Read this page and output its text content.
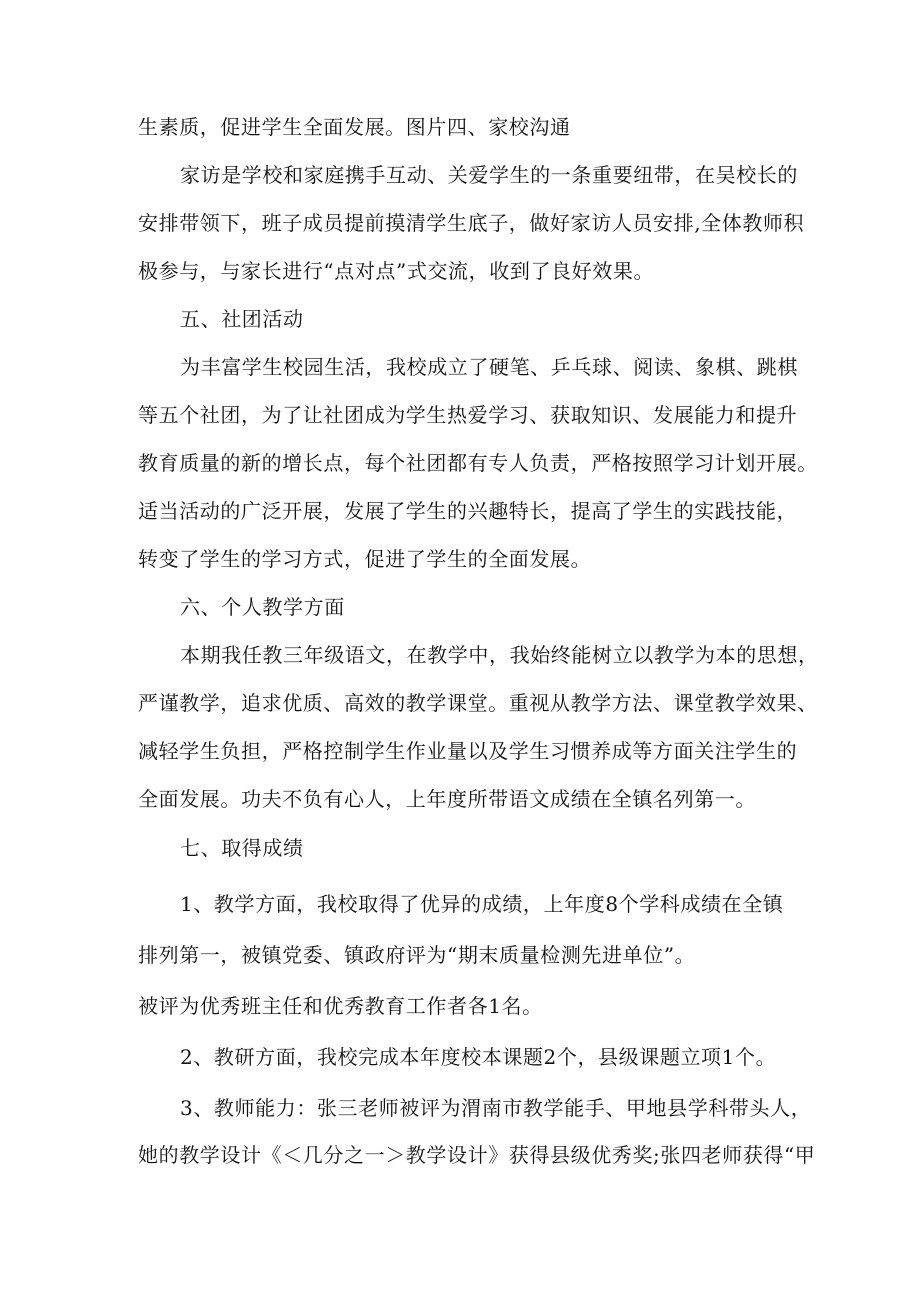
生素质，促进学生全面发展。图片四、家校沟通
家访是学校和家庭携手互动、关爱学生的一条重要纽带，在吴校长的
安排带领下，班子成员提前摸清学生底子，做好家访人员安排,全体教师积
极参与，与家长进行“点对点”式交流，收到了良好效果。
五、社团活动
为丰富学生校园生活，我校成立了硬笔、乒乓球、阅读、象棋、跳棋
等五个社团，为了让社团成为学生热爱学习、获取知识、发展能力和提升
教育质量的新的增长点，每个社团都有专人负责，严格按照学习计划开展。
适当活动的广泛开展，发展了学生的兴趣特长，提高了学生的实践技能，
转变了学生的学习方式，促进了学生的全面发展。
六、个人教学方面
本期我任教三年级语文，在教学中，我始终能树立以教学为本的思想，
严谨教学，追求优质、高效的教学课堂。重视从教学方法、课堂教学效果、
减轻学生负担，严格控制学生作业量以及学生习惯养成等方面关注学生的
全面发展。功夫不负有心人，上年度所带语文成绩在全镇名列第一。
七、取得成绩
1、教学方面，我校取得了优异的成绩，上年度8个学科成绩在全镇
排列第一，被镇党委、镇政府评为“期末质量检测先进单位”。
被评为优秀班主任和优秀教育工作者各1名。
2、教研方面，我校完成本年度校本课题2个，县级课题立项1个。
3、教师能力：张三老师被评为渭南市教学能手、甲地县学科带头人，
她的教学设计《＜几分之一＞教学设计》获得县级优秀奖;张四老师获得“甲
